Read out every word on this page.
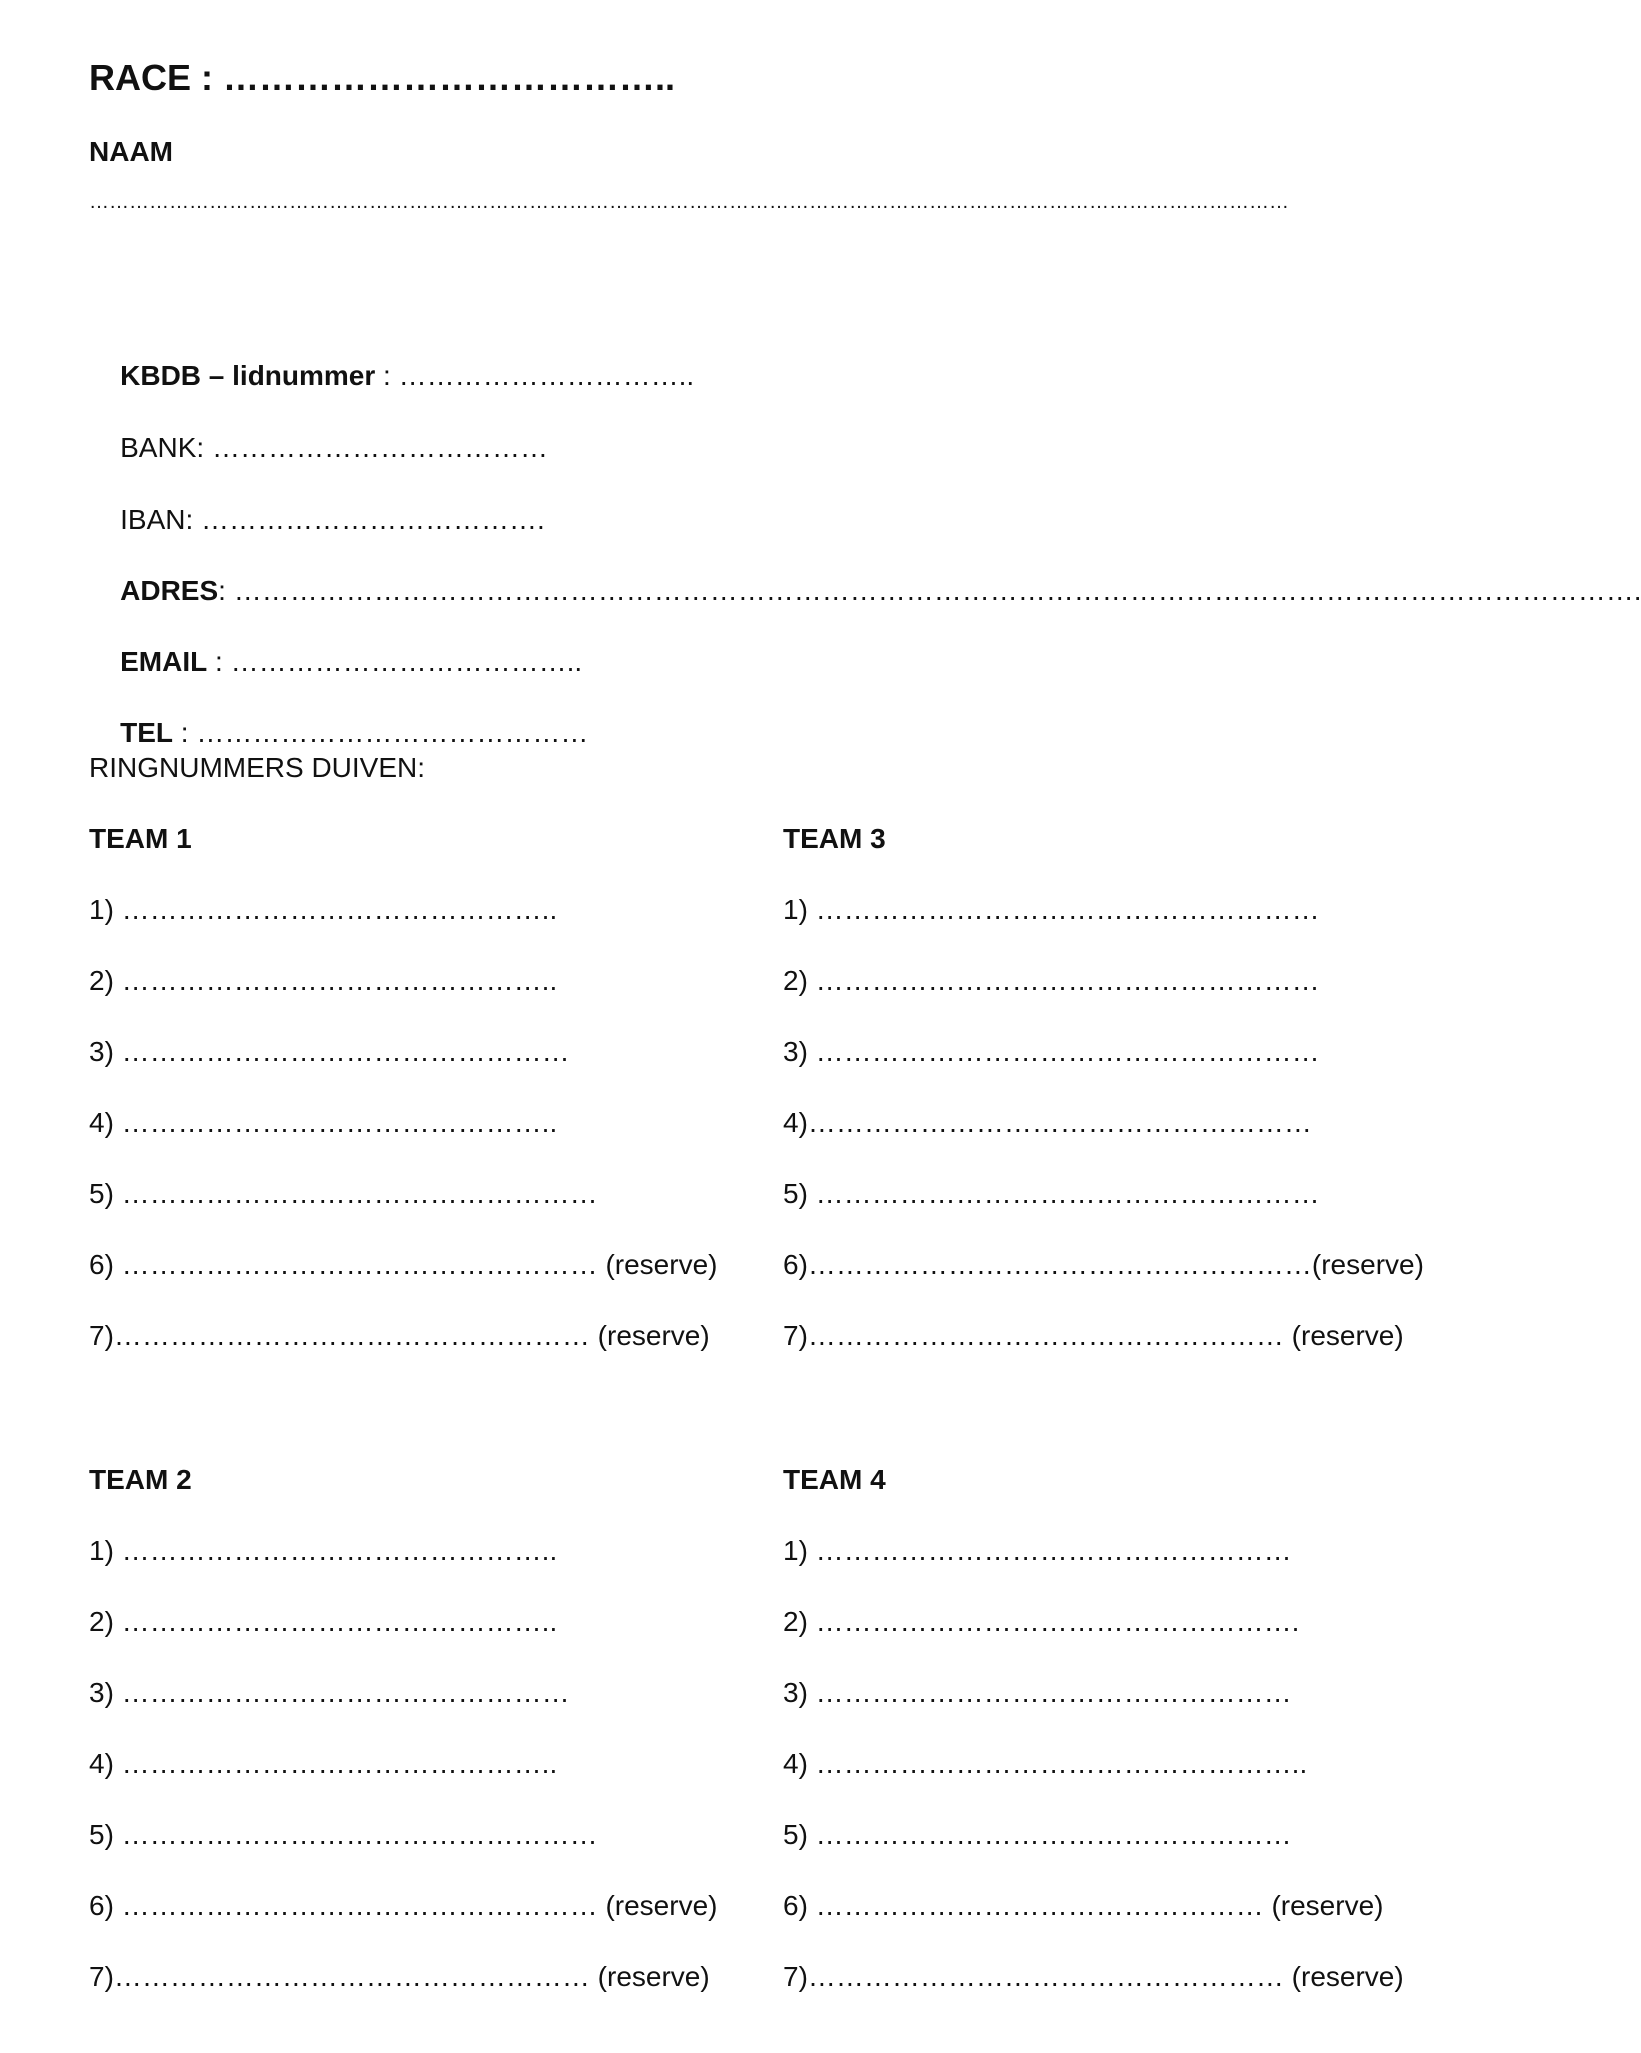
RACE : ………………………………..
NAAM
………………………………………………………………………………………………………………………………………………………………

KBDB – lidnummer : …………………………..

BANK: ………………………………

IBAN: ……………………………….

ADRES: …………………………………………………………………………………………………………………………………….

EMAIL : ………………………………..

TEL : ……………………………………

RINGNUMMERS DUIVEN:
TEAM 1
1) ………………………………………..
2) ………………………………………..
3) …………………………………………
4) ………………………………………..
5) ……………………………………………
6) …………………………………………… (reserve)
7)…………………………………………… (reserve)
TEAM 3
1) ………………………………………………
2) ………………………………………………
3) ………………………………………………
4)………………………………………………
5) ………………………………………………
6)………………………………………………(reserve)
7)…………………………………………… (reserve)
TEAM 2
1) ………………………………………..
2) ………………………………………..
3) …………………………………………
4) ………………………………………..
5) ……………………………………………
6) …………………………………………… (reserve)
7)…………………………………………… (reserve)
TEAM 4
1) ……………………………………………
2) …………………………………………….
3) ……………………………………………
4) ……………………………………………..
5) ……………………………………………
6) ………………………………………… (reserve)
7)…………………………………………… (reserve)
